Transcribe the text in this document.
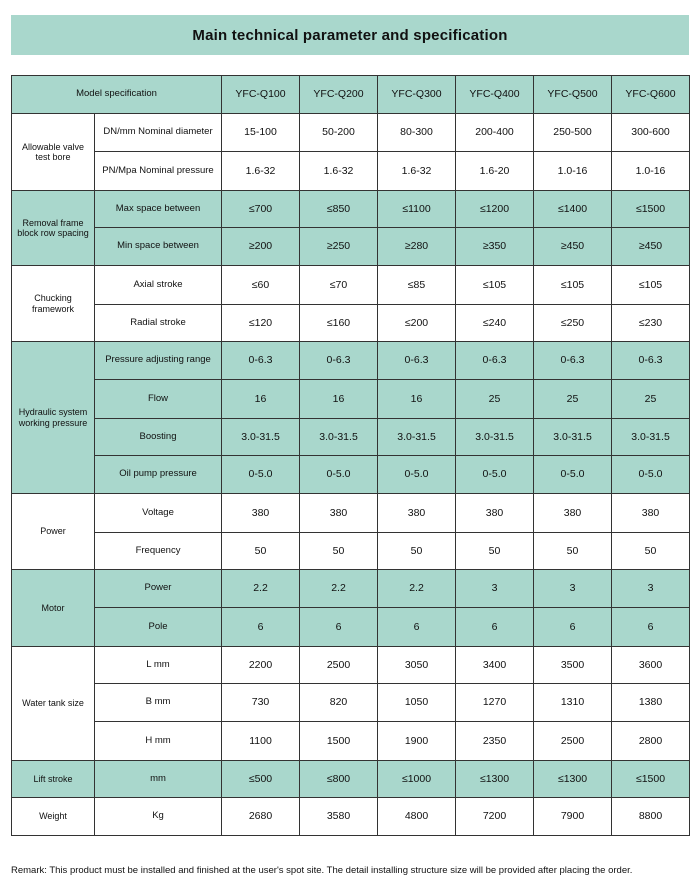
Main technical parameter and specification
Model specification		YFC-Q100	YFC-Q200	YFC-Q300	YFC-Q400	YFC-Q500	YFC-Q600
Allowable valve test bore	DN/mm Nominal diameter	15-100	50-200	80-300	200-400	250-500	300-600
	PN/Mpa Nominal pressure	1.6-32	1.6-32	1.6-32	1.6-20	1.0-16	1.0-16
Removal frame block row spacing	Max space between	≤700	≤850	≤1100	≤1200	≤1400	≤1500
	Min space between	≥200	≥250	≥280	≥350	≥450	≥450
Chucking framework	Axial stroke	≤60	≤70	≤85	≤105	≤105	≤105
	Radial stroke	≤120	≤160	≤200	≤240	≤250	≤230
Hydraulic system working pressure	Pressure adjusting range	0-6.3	0-6.3	0-6.3	0-6.3	0-6.3	0-6.3
	Flow	16	16	16	25	25	25
	Boosting	3.0-31.5	3.0-31.5	3.0-31.5	3.0-31.5	3.0-31.5	3.0-31.5
	Oil pump pressure	0-5.0	0-5.0	0-5.0	0-5.0	0-5.0	0-5.0
Power	Voltage	380	380	380	380	380	380
	Frequency	50	50	50	50	50	50
Motor	Power	2.2	2.2	2.2	3	3	3
	Pole	6	6	6	6	6	6
Water tank size	L mm	2200	2500	3050	3400	3500	3600
	B mm	730	820	1050	1270	1310	1380
	H mm	1100	1500	1900	2350	2500	2800
Lift stroke	mm	≤500	≤800	≤1000	≤1300	≤1300	≤1500
Weight	Kg	2680	3580	4800	7200	7900	8800
Remark: This product must be installed and finished at the user's spot site. The detail installing structure size will be provided after placing the order.
